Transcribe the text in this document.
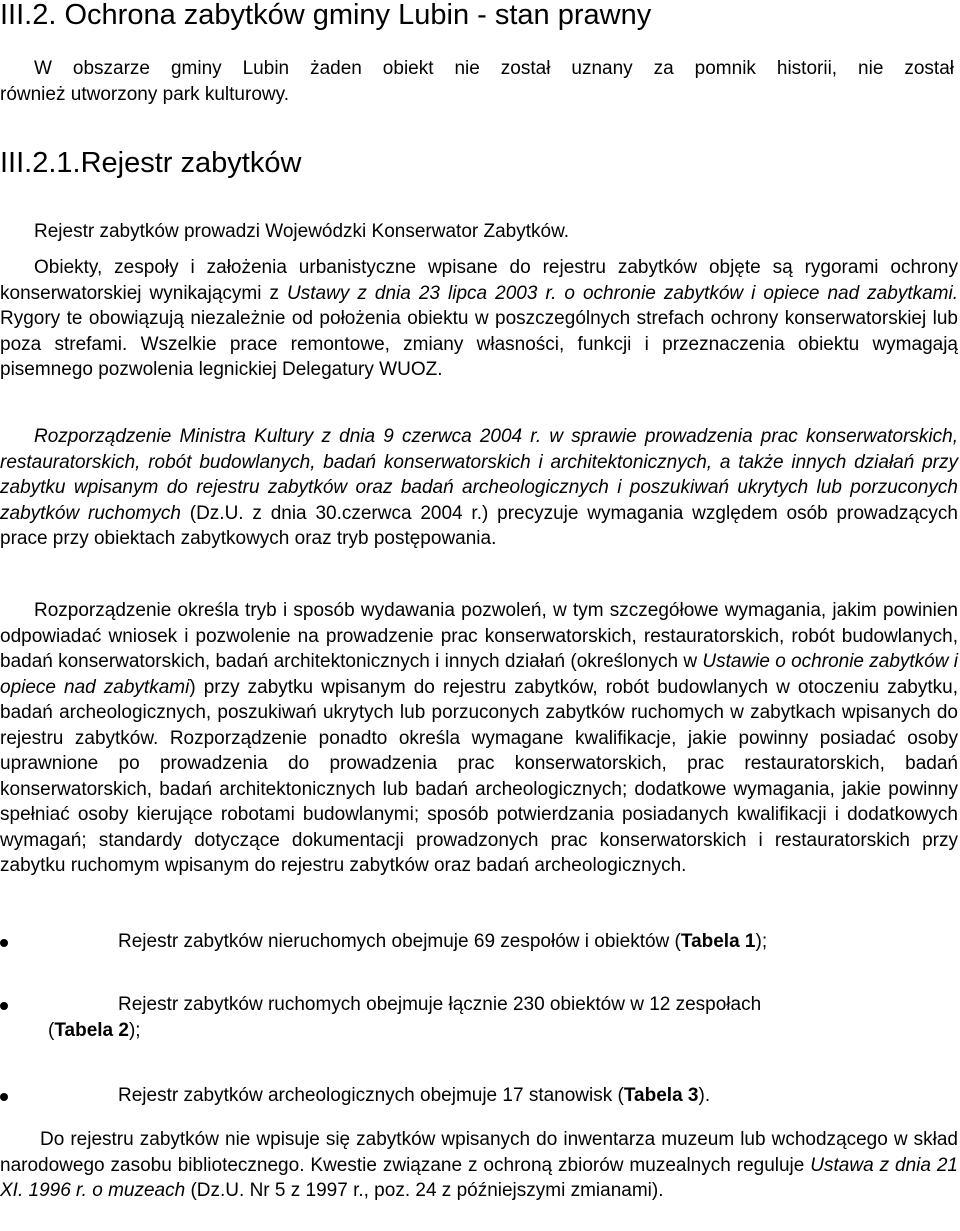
III.2. Ochrona zabytków gminy Lubin - stan prawny

W obszarze gminy Lubin żaden obiekt nie został uznany za pomnik historii, nie został
również utworzony park kulturowy.

III.2.1.Rejestr zabytków

Rejestr zabytków prowadzi Wojewódzki Konserwator Zabytków.

Obiekty, zespoły i założenia urbanistyczne wpisane do rejestru zabytków objęte są rygorami ochrony konserwatorskiej wynikającymi z Ustawy z dnia 23 lipca 2003 r. o ochronie zabytków i opiece nad zabytkami. Rygory te obowiązują niezależnie od położenia obiektu w poszczególnych strefach ochrony konserwatorskiej lub poza strefami. Wszelkie prace remontowe, zmiany własności, funkcji i przeznaczenia obiektu wymagają pisemnego pozwolenia legnickiej Delegatury WUOZ.

Rozporządzenie Ministra Kultury z dnia 9 czerwca 2004 r. w sprawie prowadzenia prac konserwatorskich, restauratorskich, robót budowlanych, badań konserwatorskich i architektonicznych, a także innych działań przy zabytku wpisanym do rejestru zabytków oraz badań archeologicznych i poszukiwań ukrytych lub porzuconych zabytków ruchomych (Dz.U. z dnia 30.czerwca 2004 r.) precyzuje wymagania względem osób prowadzących prace przy obiektach zabytkowych oraz tryb postępowania.

Rozporządzenie określa tryb i sposób wydawania pozwoleń, w tym szczegółowe wymagania, jakim powinien odpowiadać wniosek i pozwolenie na prowadzenie prac konserwatorskich, restauratorskich, robót budowlanych, badań konserwatorskich, badań architektonicznych i innych działań (określonych w Ustawie o ochronie zabytków i opiece nad zabytkami) przy zabytku wpisanym do rejestru zabytków, robót budowlanych w otoczeniu zabytku, badań archeologicznych, poszukiwań ukrytych lub porzuconych zabytków ruchomych w zabytkach wpisanych do rejestru zabytków. Rozporządzenie ponadto określa wymagane kwalifikacje, jakie powinny posiadać osoby uprawnione po prowadzenia do prowadzenia prac konserwatorskich, prac restauratorskich, badań konserwatorskich, badań architektonicznych lub badań archeologicznych; dodatkowe wymagania, jakie powinny spełniać osoby kierujące robotami budowlanymi; sposób potwierdzania posiadanych kwalifikacji i dodatkowych wymagań; standardy dotyczące dokumentacji prowadzonych prac konserwatorskich i restauratorskich przy zabytku ruchomym wpisanym do rejestru zabytków oraz badań archeologicznych.

Rejestr zabytków nieruchomych obejmuje 69 zespołów i obiektów (Tabela 1);
Rejestr zabytków ruchomych obejmuje łącznie 230 obiektów w 12 zespołach
(Tabela 2);
Rejestr zabytków archeologicznych obejmuje 17 stanowisk (Tabela 3).

Do rejestru zabytków nie wpisuje się zabytków wpisanych do inwentarza muzeum lub wchodzącego w skład narodowego zasobu bibliotecznego. Kwestie związane z ochroną zbiorów muzealnych reguluje Ustawa z dnia 21 XI. 1996 r. o muzeach (Dz.U. Nr 5 z 1997 r., poz. 24 z późniejszymi zmianami).
